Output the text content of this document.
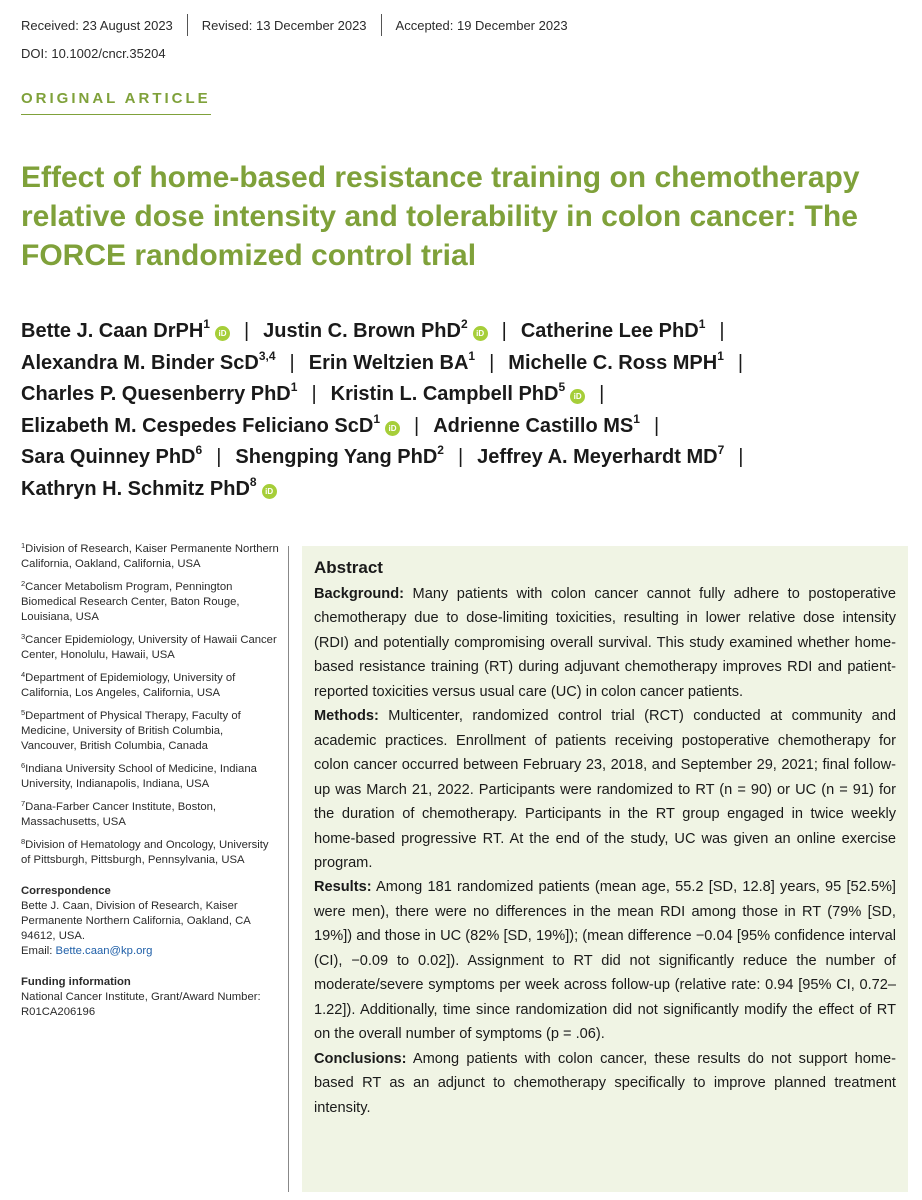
Received: 23 August 2023	Revised: 13 December 2023	Accepted: 19 December 2023
DOI: 10.1002/cncr.35204
ORIGINAL ARTICLE
Effect of home-based resistance training on chemotherapy relative dose intensity and tolerability in colon cancer: The FORCE randomized control trial
Bette J. Caan DrPH$^1$iD | Justin C. Brown PhD$^2$iD | Catherine Lee PhD$^1$ |
Alexandra M. Binder ScD$^{3,4}$ | Erin Weltzien $BA^1$ | Michelle C. Ross MPH$^1$ |
Charles P. Quesenberry PhD$^1$ | Kristin L. Campbell PhD$^5$iD |
Elizabeth M. Cespedes Feliciano ScD$^1$iD | Adrienne Castillo $MS^1$ |
Sara Quinney PhD$^6$ | Shengping Yang PhD$^2$ | Jeffrey A. Meyerhardt $MD^7$ |
Kathryn H. Schmitz PhD$^8$iD
$^1$Division of Research, Kaiser Permanente Northern California, Oakland, California, USA
$^2$Cancer Metabolism Program, Pennington Biomedical Research Center, Baton Rouge, Louisiana, USA
$^3$Cancer Epidemiology, University of Hawaii Cancer Center, Honolulu, Hawaii, USA
$^4$Department of Epidemiology, University of California, Los Angeles, California, USA
$^5$Department of Physical Therapy, Faculty of Medicine, University of British Columbia, Vancouver, British Columbia, Canada
$^6$Indiana University School of Medicine, Indiana University, Indianapolis, Indiana, USA
$^7$Dana-Farber Cancer Institute, Boston, Massachusetts, USA
$^8$Division of Hematology and Oncology, University of Pittsburgh, Pittsburgh, Pennsylvania, USA
Correspondence
Bette J. Caan, Division of Research, Kaiser Permanente Northern California, Oakland, CA 94612, USA.
Email: Bette.caan@kp.org
Funding information
National Cancer Institute, Grant/Award Number: R01CA206196
Abstract

Background: Many patients with colon cancer cannot fully adhere to postoperative chemotherapy due to dose-limiting toxicities, resulting in lower relative dose intensity (RDI) and potentially compromising overall survival. This study examined whether home-based resistance training (RT) during adjuvant chemotherapy improves RDI and patient-reported toxicities versus usual care (UC) in colon cancer patients.

Methods: Multicenter, randomized control trial (RCT) conducted at community and academic practices. Enrollment of patients receiving postoperative chemotherapy for colon cancer occurred between February 23, 2018, and September 29, 2021; final follow-up was March 21, 2022. Participants were randomized to RT (n = 90) or UC (n = 91) for the duration of chemotherapy. Participants in the RT group engaged in twice weekly home-based progressive RT. At the end of the study, UC was given an online exercise program.

Results: Among 181 randomized patients (mean age, 55.2 [SD, 12.8] years, 95 [52.5%] were men), there were no differences in the mean RDI among those in RT (79% [SD, 19%]) and those in UC (82% [SD, 19%]); (mean difference −0.04 [95% confidence interval (CI), −0.09 to 0.02]). Assignment to RT did not significantly reduce the number of moderate/severe symptoms per week across follow-up (relative rate: 0.94 [95% CI, 0.72–1.22]). Additionally, time since randomization did not significantly modify the effect of RT on the overall number of symptoms (p = .06).

Conclusions: Among patients with colon cancer, these results do not support home-based RT as an adjunct to chemotherapy specifically to improve planned treatment intensity.
